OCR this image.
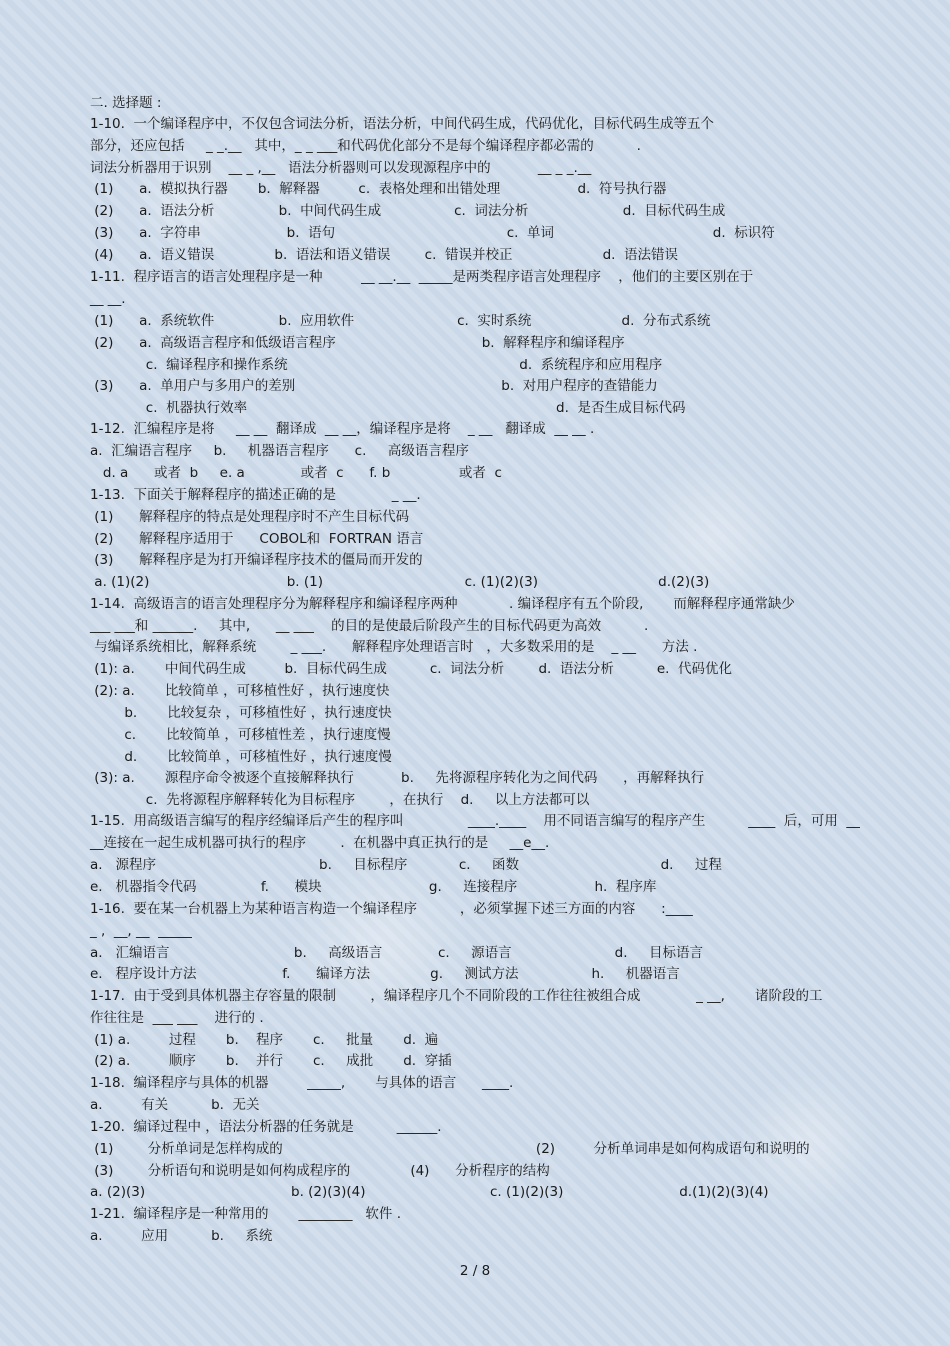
二. 选择题 :
1-10.  一个编译程序中，不仅包含词法分析，语法分析，中间代码生成，代码优化，目标代码生成等五个
部分，还应包括     _ _.__   其中，_ _ ___和代码优化部分不是每个编译程序都必需的          .
词法分析器用于识别    __ _ ,__   语法分析器则可以发现源程序中的           __ _ _.__
(1)      a.  模拟执行器       b.  解释器         c.  表格处理和出错处理                  d.  符号执行器
(2)      a.  语法分析               b.  中间代码生成                 c.  词法分析                      d.  目标代码生成
(3)      a.  字符串                    b.  语句                                        c.  单词                                     d.  标识符
(4)      a.  语义错误              b.  语法和语义错误        c.  错误并校正                     d.  语法错误
1-11.  程序语言的语言处理程序是一种         __ __.__  _____是两类程序语言处理程序    ，他们的主要区别在于
__ __.
(1)      a.  系统软件               b.  应用软件                        c.  实时系统                     d.  分布式系统
(2)      a.  高级语言程序和低级语言程序                                  b.  解释程序和编译程序
c.  编译程序和操作系统                                                      d.  系统程序和应用程序
(3)      a.  单用户与多用户的差别                                                b.  对用户程序的查错能力
c.  机器执行效率                                                                        d.  是否生成目标代码
1-12.  汇编程序是将     __ __  翻译成  __ __，编译程序是将    _ __   翻译成  __ __ .
a.  汇编语言程序     b.     机器语言程序      c.     高级语言程序
d. a      或者  b     e. a             或者  c      f. b                或者  c
1-13.  下面关于解释程序的描述正确的是             _ __.
(1)      解释程序的特点是处理程序时不产生目标代码
(2)      解释程序适用于      COBOL和  FORTRAN 语言
(3)      解释程序是为打开编译程序技术的僵局而开发的
a. (1)(2)                                b. (1)                                 c. (1)(2)(3)                            d.(2)(3)
1-14.  高级语言的语言处理程序分为解释程序和编译程序两种            . 编译程序有五个阶段,       而解释程序通常缺少
___ ___和 ______.     其中,      __ ___    的目的是使最后阶段产生的目标代码更为高效          .
与编译系统相比，解释系统        _ ___.      解释程序处理语言时   ，大多数采用的是    _ __      方法 .
(1): a.       中间代码生成         b.  目标代码生成          c.  词法分析        d.  语法分析          e.  代码优化
(2): a.       比较简单 ，可移植性好 ，执行速度快
b.       比较复杂 ，可移植性好 ，执行速度快
c.       比较简单 ，可移植性差 ，执行速度慢
d.       比较简单 ，可移植性好 ，执行速度慢
(3): a.       源程序命令被逐个直接解释执行           b.     先将源程序转化为之间代码      ，再解释执行
c.  先将源程序解释转化为目标程序        ，在执行    d.     以上方法都可以
1-15.  用高级语言编写的程序经编译后产生的程序叫               ____.____    用不同语言编写的程序产生          ____  后，可用  __
__连接在一起生成机器可执行的程序        .  在机器中真正执行的是     __e__.
a.   源程序                                      b.     目标程序            c.     函数                                 d.     过程
e.   机器指令代码               f.      模块                         g.     连接程序                  h.  程序库
1-16.  要在某一台机器上为某种语言构造一个编译程序          ，必须掌握下述三方面的内容      :____
_ ,  __, __  _____
a.   汇编语言                             b.     高级语言             c.     源语言                        d.     目标语言
e.   程序设计方法                    f.      编译方法              g.     测试方法                 h.     机器语言
1-17.  由于受到具体机器主存容量的限制        ，编译程序几个不同阶段的工作往往被组合成             _ __,       诸阶段的工
作往往是  ___ ___    进行的 .
(1) a.         过程       b.    程序       c.     批量       d.  遍
(2) a.         顺序       b.    并行       c.     成批       d.  穿插
1-18.  编译程序与具体的机器         _____,       与具体的语言      ____.
a.         有关          b.  无关
1-20.  编译过程中 ，语法分析器的任务就是          ______.
(1)        分析单词是怎样构成的                                                           (2)         分析单词串是如何构成语句和说明的
(3)        分析语句和说明是如何构成程序的              (4)      分析程序的结构
a. (2)(3)                                  b. (2)(3)(4)                             c. (1)(2)(3)                           d.(1)(2)(3)(4)
1-21.  编译程序是一种常用的       ________   软件 .
a.         应用          b.     系统
2 / 8
